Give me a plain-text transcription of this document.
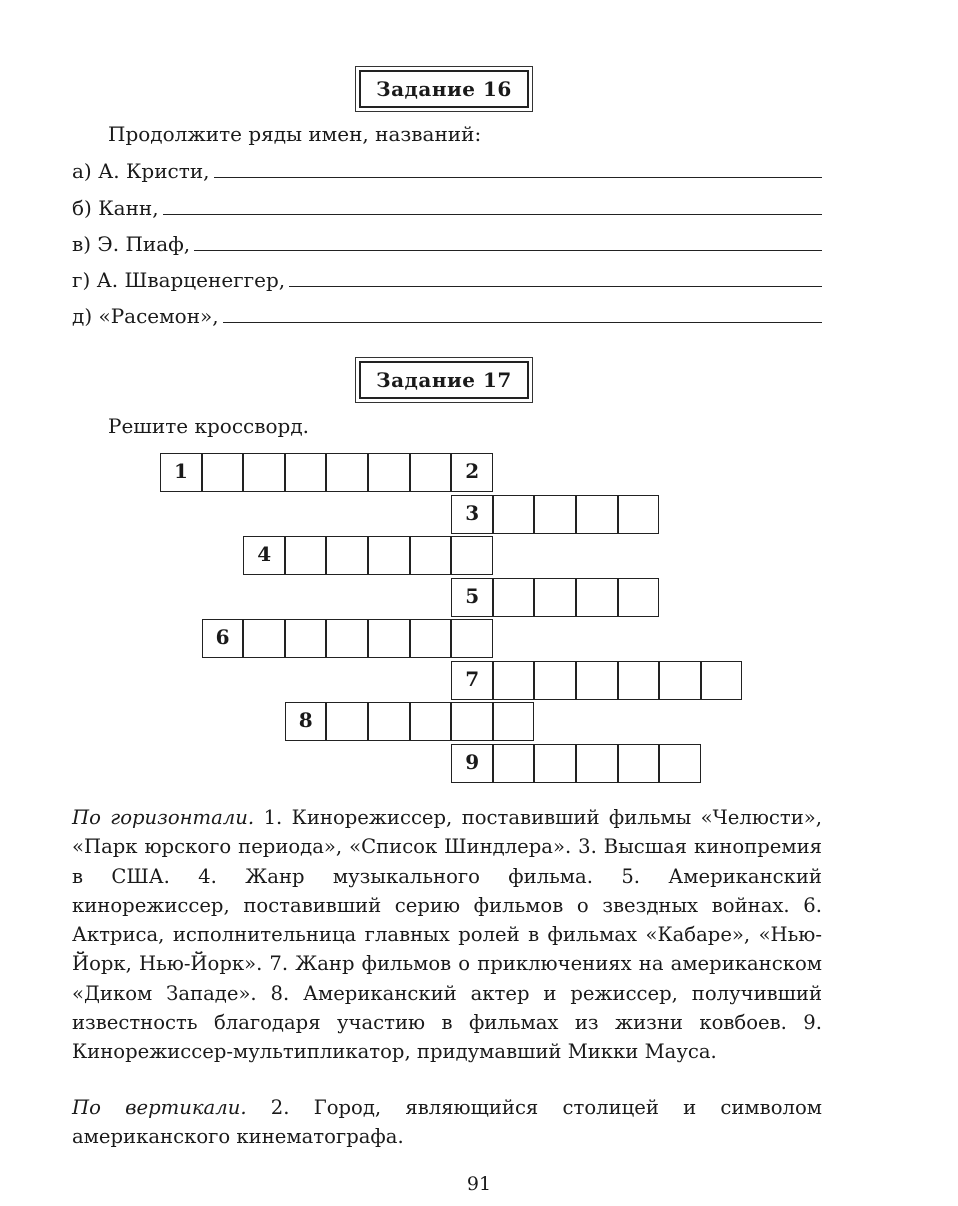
Задание 16
Продолжите ряды имен, названий:
а) А. Кристи,
б) Канн,
в) Э. Пиаф,
г) А. Шварценеггер,
д) «Расемон»,
Задание 17
Решите кроссворд.
1	2
3
4
5
6
7
8
9
По горизонтали. 1. Кинорежиссер, поставивший фильмы «Челюсти», «Парк юрского периода», «Список Шиндлера». 3. Высшая кинопремия в США. 4. Жанр музыкального фильма. 5. Американский кинорежиссер, поставивший серию фильмов о звездных войнах. 6. Актриса, исполнительница главных ролей в фильмах «Кабаре», «Нью-Йорк, Нью-Йорк». 7. Жанр фильмов о приключениях на американском «Диком Западе». 8. Американский актер и режиссер, получивший известность благодаря участию в фильмах из жизни ковбоев. 9. Кинорежиссер-мультипликатор, придумавший Микки Мауса.
По вертикали. 2. Город, являющийся столицей и символом американского кинематографа.
91
